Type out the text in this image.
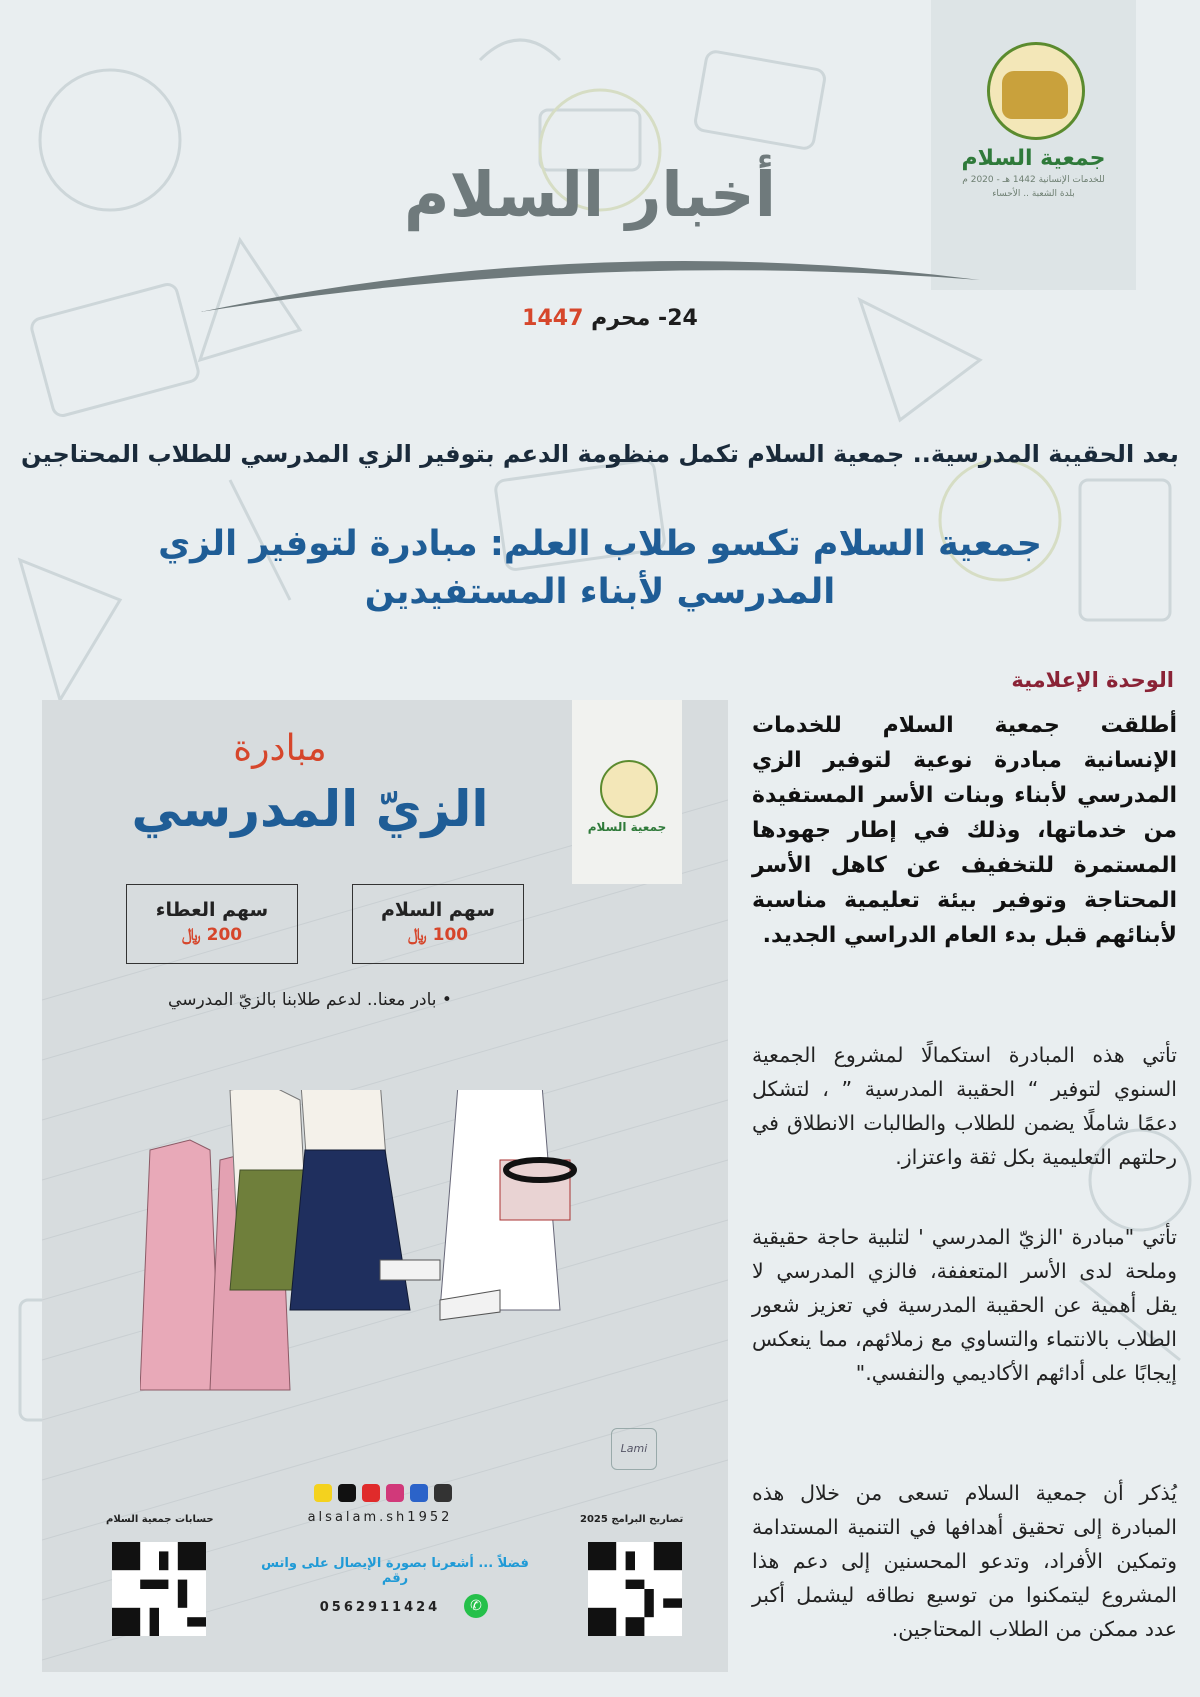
جمعية السلام
للخدمات الإنسانية 1442 هـ - 2020 م
بلدة الشعبة .. الأحساء
أخبار السلام
24- محرم 1447
بعد الحقيبة المدرسية.. جمعية السلام تكمل منظومة الدعم بتوفير الزي المدرسي للطلاب المحتاجين
جمعية السلام تكسو طلاب العلم: مبادرة لتوفير الزي المدرسي لأبناء المستفيدين
الوحدة الإعلامية
أطلقت جمعية السلام للخدمات الإنسانية مبادرة نوعية لتوفير الزي المدرسي لأبناء وبنات الأسر المستفيدة من خدماتها، وذلك في إطار جهودها المستمرة للتخفيف عن كاهل الأسر المحتاجة وتوفير بيئة تعليمية مناسبة لأبنائهم قبل بدء العام الدراسي الجديد.
تأتي هذه المبادرة استكمالًا لمشروع الجمعية السنوي لتوفير “ الحقيبة المدرسية ” ، لتشكل دعمًا شاملًا يضمن للطلاب والطالبات الانطلاق في رحلتهم التعليمية بكل ثقة واعتزاز.
تأتي "مبادرة 'الزيّ المدرسي ' لتلبية حاجة حقيقية وملحة لدى الأسر المتعففة، فالزي المدرسي لا يقل أهمية عن الحقيبة المدرسية في تعزيز شعور الطلاب بالانتماء والتساوي مع زملائهم، مما ينعكس إيجابًا على أدائهم الأكاديمي والنفسي."
يُذكر أن جمعية السلام تسعى من خلال هذه المبادرة إلى تحقيق أهدافها في التنمية المستدامة وتمكين الأفراد، وتدعو المحسنين إلى دعم هذا المشروع ليتمكنوا من توسيع نطاقه ليشمل أكبر عدد ممكن من الطلاب المحتاجين.
جمعية السلام
مبادرة
الزيّ المدرسي
سهم السلام
100 ﷼
سهم العطاء
200 ﷼
• بادر معنا.. لدعم طلابنا بالزيّ المدرسي
Lami
alsalam.sh1952	تصاريح البرامج 2025
حسابات جمعية السلام
فضلاً ... أشعرنا بصورة الإيصال على واتس رقم
✆
0562911424
